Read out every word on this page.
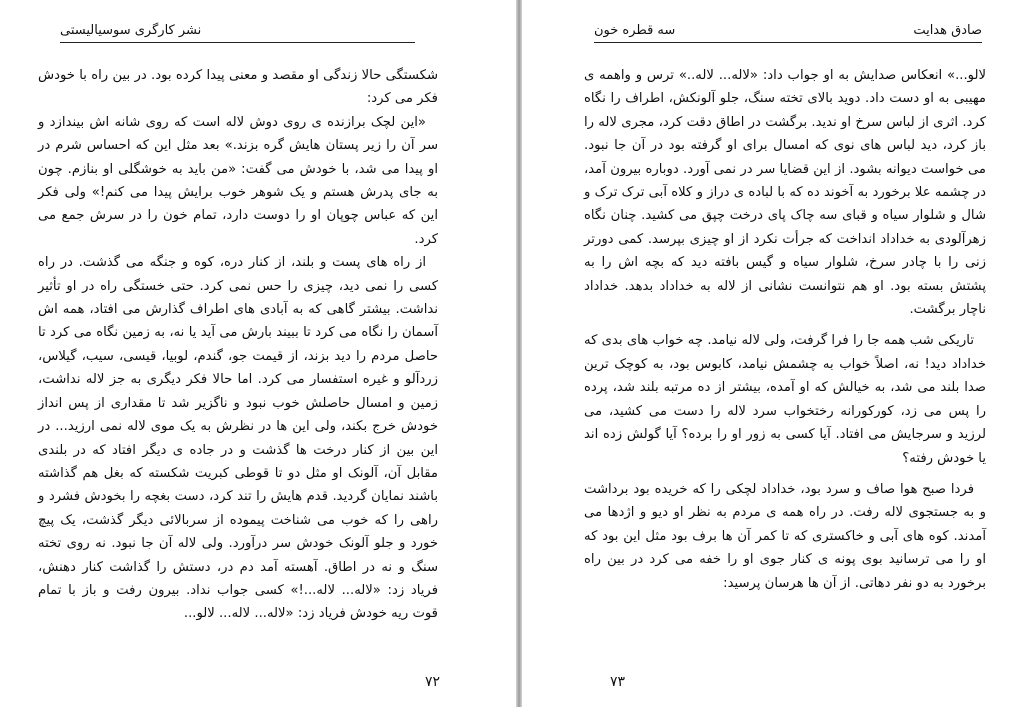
نشر کارگری سوسیالیستی

شکستگی حالا زندگی او مقصد و معنی پیدا کرده بود. در بین راه با خودش فکر می کرد:

«این لچک برازنده ی روی دوش لاله است که روی شانه اش بیندازد و سر آن را زیر پستان هایش گره بزند.» بعد مثل این که احساس شرم در او پیدا می شد، با خودش می گفت: «من باید به خوشگلی او بنازم. چون به جای پدرش هستم و یک شوهر خوب برایش پیدا می کنم!» ولی فکر این که عباس چوپان او را دوست دارد، تمام خون را در سرش جمع می کرد.

از راه های پست و بلند، از کنار دره، کوه و جنگه می گذشت. در راه کسی را نمی دید، چیزی را حس نمی کرد. حتی خستگی راه در او تأثیر نداشت. بیشتر گاهی که به آبادی های اطراف گذارش می افتاد، همه اش آسمان را نگاه می کرد تا ببیند بارش می آید یا نه، به زمین نگاه می کرد تا حاصل مردم را دید بزند، از قیمت جو، گندم، لوبیا، قیسی، سیب، گیلاس، زردآلو و غیره استفسار می کرد. اما حالا فکر دیگری به جز لاله نداشت، زمین و امسال حاصلش خوب نبود و ناگزیر شد تا مقداری از پس انداز خودش خرج بکند، ولی این ها در نظرش به یک موی لاله نمی ارزید... در این بین از کنار درخت ها گذشت و در جاده ی دیگر افتاد که در بلندی مقابل آن، آلونک او مثل دو تا قوطی کبریت شکسته که بغل هم گذاشته باشند نمایان گردید. قدم هایش را تند کرد، دست بغچه را بخودش فشرد و راهی را که خوب می شناخت پیموده از سربالائی دیگر گذشت، یک پیچ خورد و جلو آلونک خودش سر درآورد. ولی لاله آن جا نبود. نه روی تخته سنگ و نه در اطاق. آهسته آمد دم در، دستش را گذاشت کنار دهنش، فریاد زد: «لاله... لاله...!» کسی جواب نداد. بیرون رفت و باز با تمام قوت ریه خودش فریاد زد: «لاله... لاله... لالو...

۷۲
صادق هدایت
سه قطره خون

لالو...» انعکاس صدایش به او جواب داد: «لاله... لاله..» ترس و واهمه ی مهیبی به او دست داد. دوید بالای تخته سنگ، جلو آلونکش، اطراف را نگاه کرد. اثری از لباس سرخ او ندید. برگشت در اطاق دقت کرد، مجری لاله را باز کرد، دید لباس های نوی که امسال برای او گرفته بود در آن جا نبود. می خواست دیوانه بشود. از این قضایا سر در نمی آورد. دوباره بیرون آمد، در چشمه علا برخورد به آخوند ده که با لباده ی دراز و کلاه آبی ترک ترک و شال و شلوار سیاه و قبای سه چاک پای درخت چپق می کشید. چنان نگاه زهرآلودی به خداداد انداخت که جرأت نکرد از او چیزی بپرسد. کمی دورتر زنی را با چادر سرخ، شلوار سیاه و گیس بافته دید که بچه اش را به پشتش بسته بود. او هم نتوانست نشانی از لاله به خداداد بدهد. خداداد ناچار برگشت.

تاریکی شب همه جا را فرا گرفت، ولی لاله نیامد. چه خواب های بدی که خداداد دید! نه، اصلاً خواب به چشمش نیامد، کابوس بود، به کوچک ترین صدا بلند می شد، به خیالش که او آمده، بیشتر از ده مرتبه بلند شد، پرده را پس می زد، کورکورانه رختخواب سرد لاله را دست می کشید، می لرزید و سرجایش می افتاد. آیا کسی به زور او را برده؟ آیا گولش زده اند یا خودش رفته؟

فردا صبح هوا صاف و سرد بود، خداداد لچکی را که خریده بود برداشت و به جستجوی لاله رفت. در راه همه ی مردم به نظر او دیو و اژدها می آمدند. کوه های آبی و خاکستری که تا کمر آن ها برف بود مثل این بود که او را می ترسانید بوی پونه ی کنار جوی او را خفه می کرد در بین راه برخورد به دو نفر دهاتی. از آن ها هرسان پرسید:

۷۳
